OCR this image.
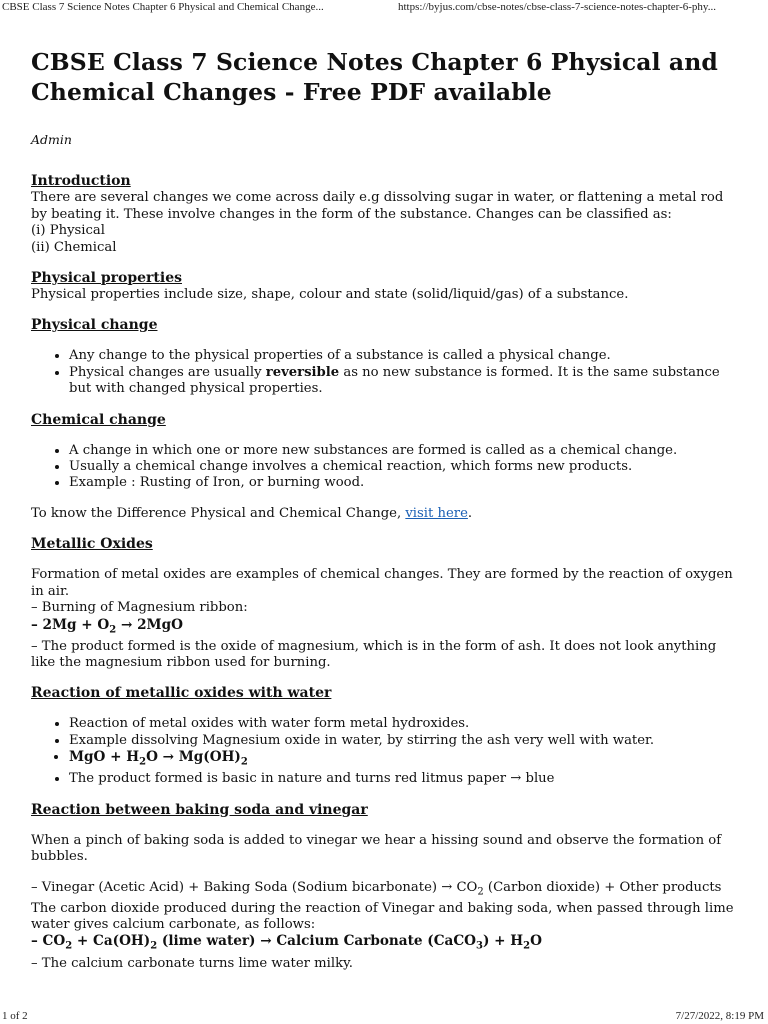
CBSE Class 7 Science Notes Chapter 6 Physical and Chemical Change...	https://byjus.com/cbse-notes/cbse-class-7-science-notes-chapter-6-phy...
CBSE Class 7 Science Notes Chapter 6 Physical and Chemical Changes - Free PDF available
Admin
Introduction

There are several changes we come across daily e.g dissolving sugar in water, or flattening a metal rod by beating it. These involve changes in the form of the substance. Changes can be classified as:

(i) Physical

(ii) Chemical

Physical properties

Physical properties include size, shape, colour and state (solid/liquid/gas) of a substance.

Physical change
• Any change to the physical properties of a substance is called a physical change.
• Physical changes are usually reversible as no new substance is formed. It is the same substance but with changed physical properties.
Chemical change
• A change in which one or more new substances are formed is called as a chemical change.
• Usually a chemical change involves a chemical reaction, which forms new products.
• Example : Rusting of Iron, or burning wood.

To know the Difference Physical and Chemical Change, visit here.

Metallic Oxides

Formation of metal oxides are examples of chemical changes. They are formed by the reaction of oxygen in air.

– Burning of Magnesium ribbon:

– $2Mg + O_2 \to 2MgO$

– The product formed is the oxide of magnesium, which is in the form of ash. It does not look anything like the magnesium ribbon used for burning.

Reaction of metallic oxides with water
• Reaction of metal oxides with water form metal hydroxides.
• Example dissolving Magnesium oxide in water, by stirring the ash very well with water.
• MgO + $H_2O \to Mg(OH)_2$
• The product formed is basic in nature and turns red litmus paper → blue
Reaction between baking soda and vinegar

When a pinch of baking soda is added to vinegar we hear a hissing sound and observe the formation of bubbles.

– Vinegar (Acetic Acid) + Baking Soda (Sodium bicarbonate) → $CO_2$ (Carbon dioxide) + Other products

The carbon dioxide produced during the reaction of Vinegar and baking soda, when passed through lime water gives calcium carbonate, as follows:

– $CO_2 + Ca(OH)_2$ (lime water) → Calcium Carbonate (CaCO$_3$) + $H_2O$

– The calcium carbonate turns lime water milky.

1 of 2	7/27/2022, 8:19 PM
